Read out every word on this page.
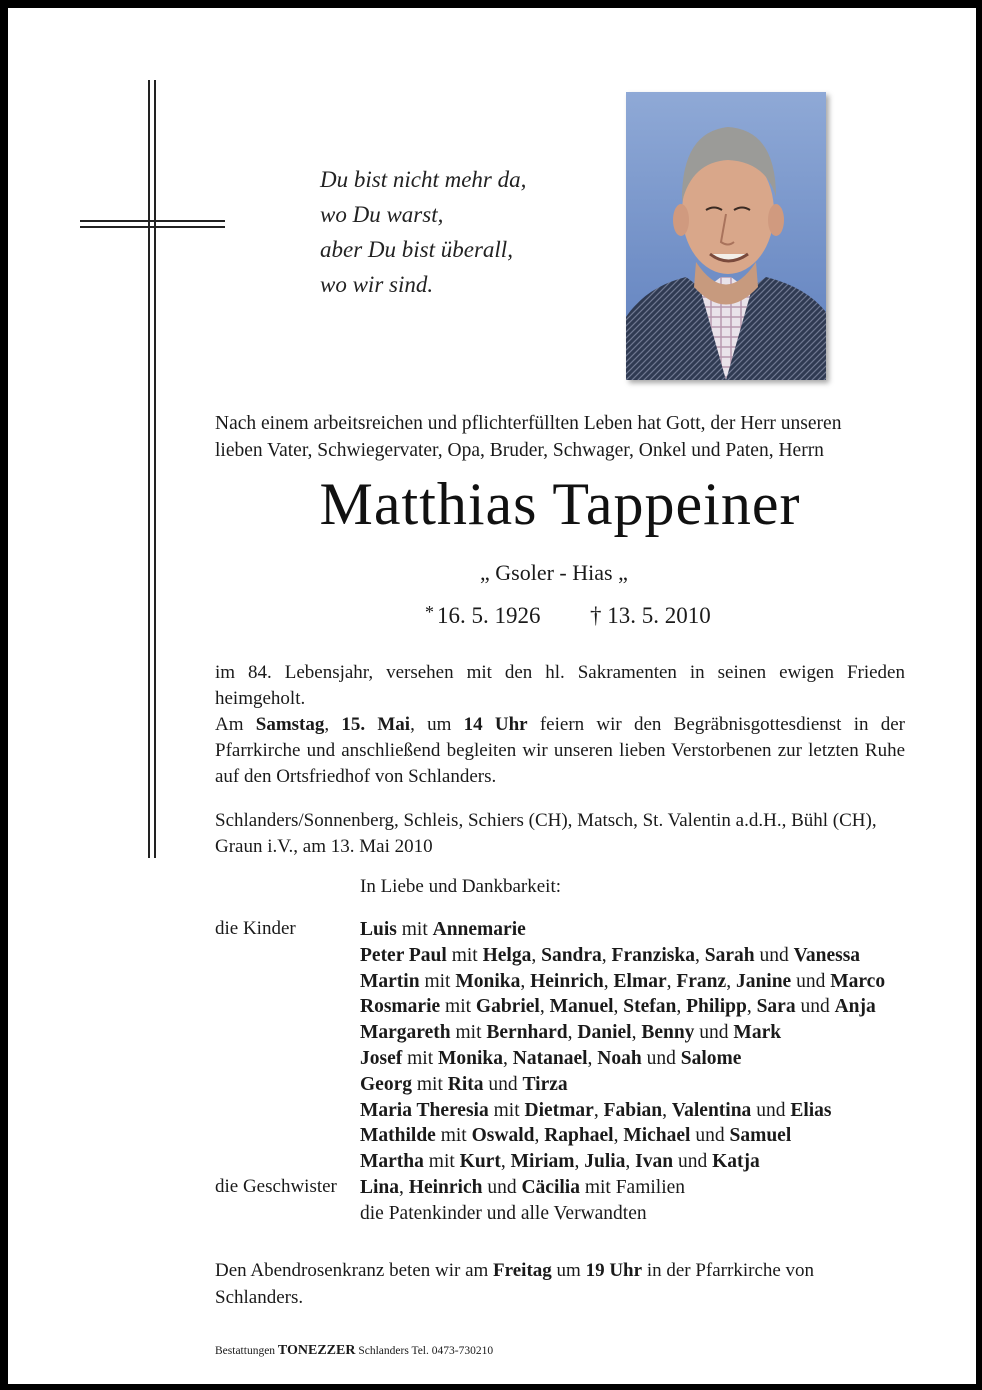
Du bist nicht mehr da,
wo Du warst,
aber Du bist überall,
wo wir sind.
Nach einem arbeitsreichen und pflichterfüllten Leben hat Gott, der Herr unseren
lieben Vater, Schwiegervater, Opa, Bruder, Schwager, Onkel und Paten, Herrn
Matthias Tappeiner
„ Gsoler - Hias „
* 16. 5. 1926 † 13. 5. 2010

im 84. Lebensjahr, versehen mit den hl. Sakramenten in seinen ewigen Frieden heimgeholt.

Am Samstag, 15. Mai, um 14 Uhr feiern wir den Begräbnisgottesdienst in der Pfarrkirche und anschließend begleiten wir unseren lieben Verstorbenen zur letzten Ruhe auf den Ortsfriedhof von Schlanders.

Schlanders/Sonnenberg, Schleis, Schiers (CH), Matsch, St. Valentin a.d.H., Bühl (CH),
Graun i.V., am 13. Mai 2010
In Liebe und Dankbarkeit:
die Kinder
die Geschwister
Luis mit Annemarie
Peter Paul mit Helga, Sandra, Franziska, Sarah und Vanessa
Martin mit Monika, Heinrich, Elmar, Franz, Janine und Marco
Rosmarie mit Gabriel, Manuel, Stefan, Philipp, Sara und Anja
Margareth mit Bernhard, Daniel, Benny und Mark
Josef mit Monika, Natanael, Noah und Salome
Georg mit Rita und Tirza
Maria Theresia mit Dietmar, Fabian, Valentina und Elias
Mathilde mit Oswald, Raphael, Michael und Samuel
Martha mit Kurt, Miriam, Julia, Ivan und Katja
Lina, Heinrich und Cäcilia mit Familien
die Patenkinder und alle Verwandten
Den Abendrosenkranz beten wir am Freitag um 19 Uhr in der Pfarrkirche von Schlanders.
Bestattungen TONEZZER Schlanders Tel. 0473-730210
